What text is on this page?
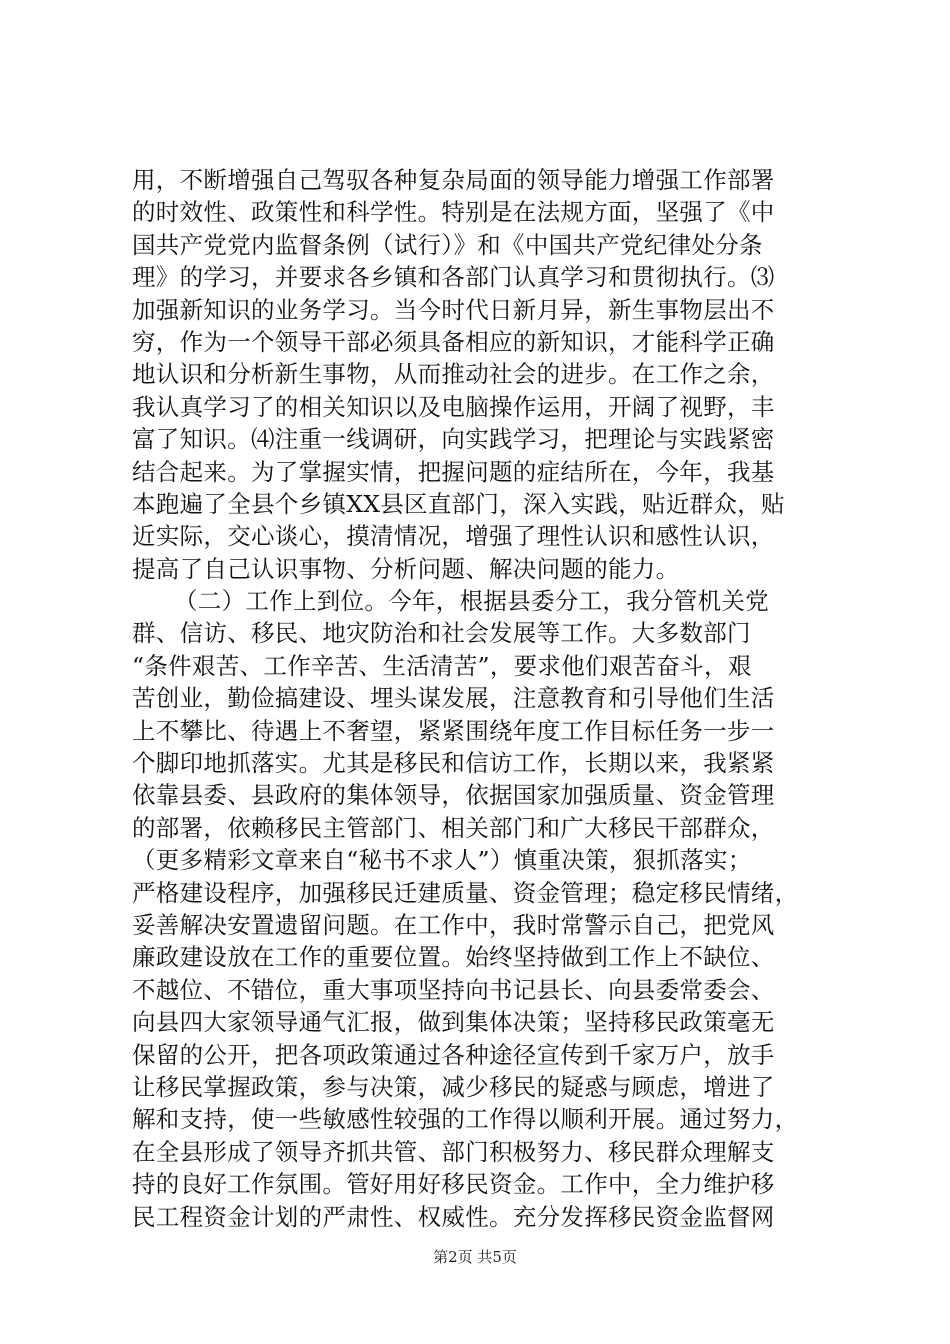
用，不断增强自己驾驭各种复杂局面的领导能力增强工作部署
的时效性、政策性和科学性。特别是在法规方面，坚强了《中
国共产党党内监督条例（试行）》和《中国共产党纪律处分条
理》的学习，并要求各乡镇和各部门认真学习和贯彻执行。⑶
加强新知识的业务学习。当今时代日新月异，新生事物层出不
穷，作为一个领导干部必须具备相应的新知识，才能科学正确
地认识和分析新生事物，从而推动社会的进步。在工作之余，
我认真学习了的相关知识以及电脑操作运用，开阔了视野，丰
富了知识。⑷注重一线调研，向实践学习，把理论与实践紧密
结合起来。为了掌握实情，把握问题的症结所在，今年，我基
本跑遍了全县个乡镇XX县区直部门，深入实践，贴近群众，贴
近实际，交心谈心，摸清情况，增强了理性认识和感性认识，
提高了自己认识事物、分析问题、解决问题的能力。
（二）工作上到位。今年，根据县委分工，我分管机关党
群、信访、移民、地灾防治和社会发展等工作。大多数部门
“条件艰苦、工作辛苦、生活清苦”，要求他们艰苦奋斗，艰
苦创业，勤俭搞建设、埋头谋发展，注意教育和引导他们生活
上不攀比、待遇上不奢望，紧紧围绕年度工作目标任务一步一
个脚印地抓落实。尤其是移民和信访工作，长期以来，我紧紧
依靠县委、县政府的集体领导，依据国家加强质量、资金管理
的部署，依赖移民主管部门、相关部门和广大移民干部群众，
（更多精彩文章来自“秘书不求人”）慎重决策，狠抓落实；
严格建设程序，加强移民迁建质量、资金管理；稳定移民情绪，
妥善解决安置遗留问题。在工作中，我时常警示自己，把党风
廉政建设放在工作的重要位置。始终坚持做到工作上不缺位、
不越位、不错位，重大事项坚持向书记县长、向县委常委会、
向县四大家领导通气汇报，做到集体决策；坚持移民政策毫无
保留的公开，把各项政策通过各种途径宣传到千家万户，放手
让移民掌握政策，参与决策，减少移民的疑惑与顾虑，增进了
解和支持，使一些敏感性较强的工作得以顺利开展。通过努力，
在全县形成了领导齐抓共管、部门积极努力、移民群众理解支
持的良好工作氛围。管好用好移民资金。工作中，全力维护移
民工程资金计划的严肃性、权威性。充分发挥移民资金监督网
第2页 共5页
